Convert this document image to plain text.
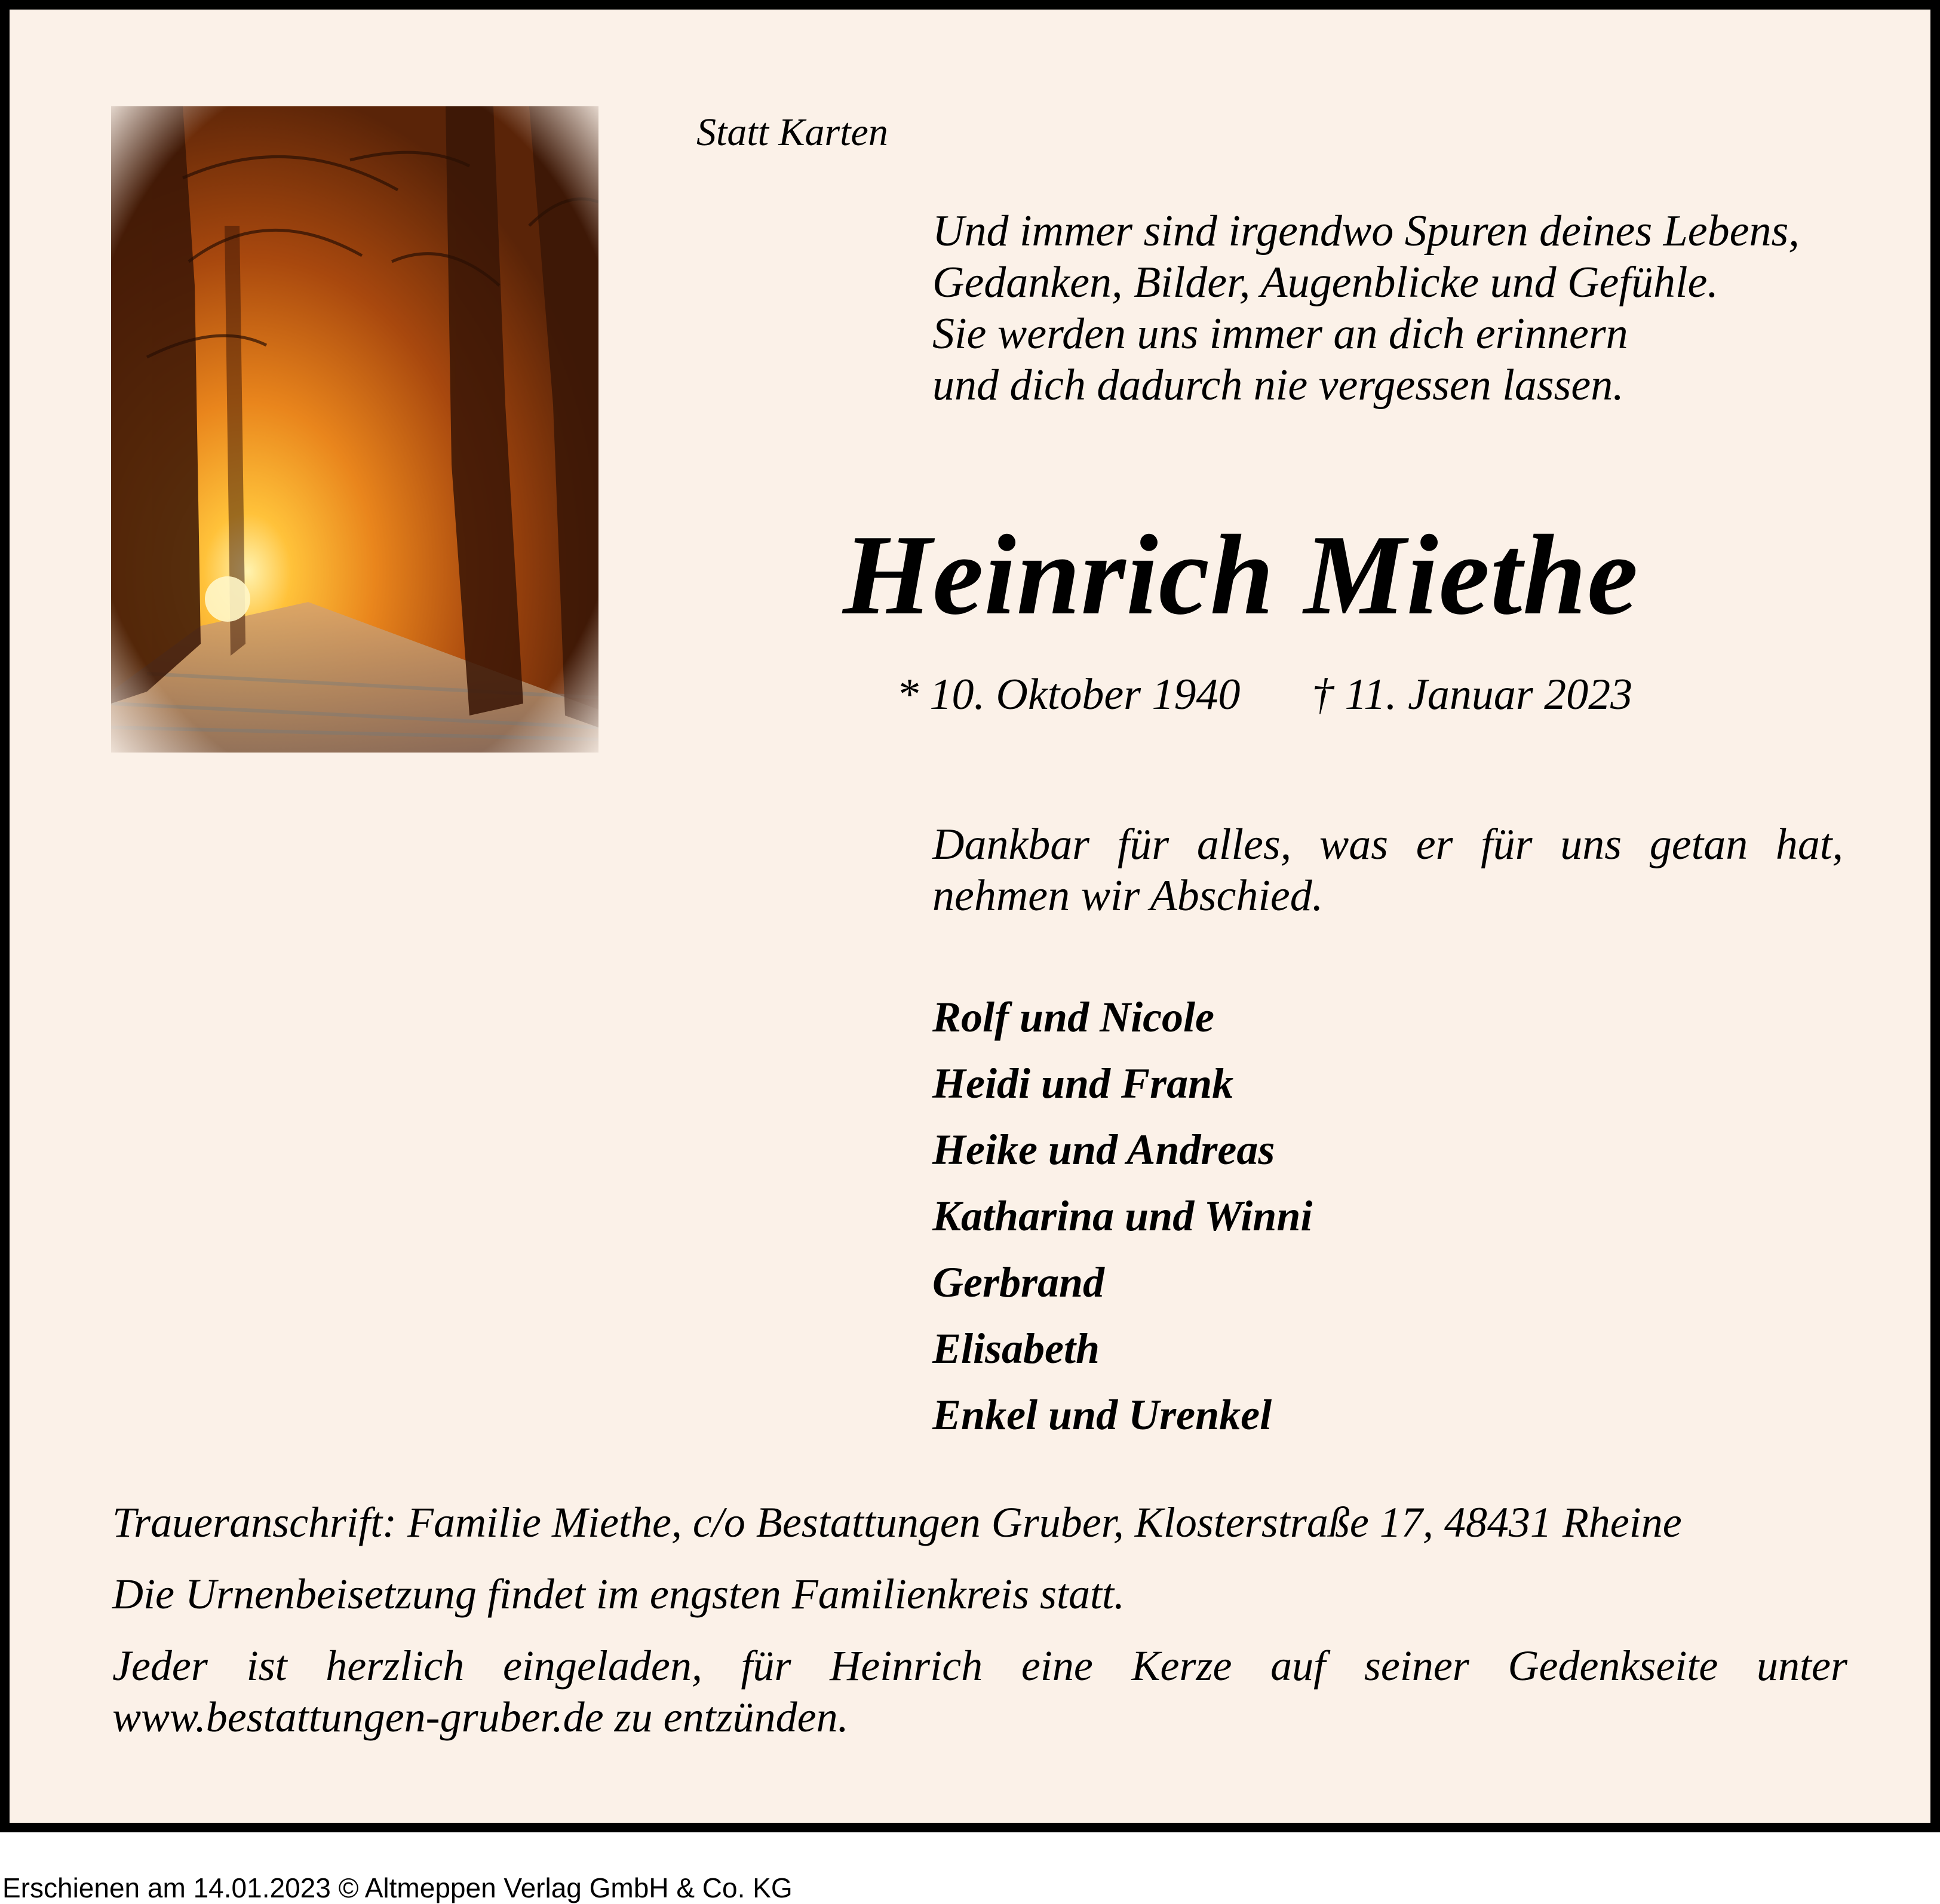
Statt Karten
Und immer sind irgendwo Spuren deines Lebens,
Gedanken, Bilder, Augenblicke und Gefühle.
Sie werden uns immer an dich erinnern
und dich dadurch nie vergessen lassen.
Heinrich Miethe
* 10. Oktober 1940 † 11. Januar 2023
Dankbar für alles, was er für uns getan hat,
nehmen wir Abschied.
Rolf und Nicole
Heidi und Frank
Heike und Andreas
Katharina und Winni
Gerbrand
Elisabeth
Enkel und Urenkel
Traueranschrift: Familie Miethe, c/o Bestattungen Gruber, Klosterstraße 17, 48431 Rheine
Die Urnenbeisetzung findet im engsten Familienkreis statt.
Jeder ist herzlich eingeladen, für Heinrich eine Kerze auf seiner Gedenkseite unter
www.bestattungen-gruber.de zu entzünden.
Erschienen am 14.01.2023 © Altmeppen Verlag GmbH & Co. KG
